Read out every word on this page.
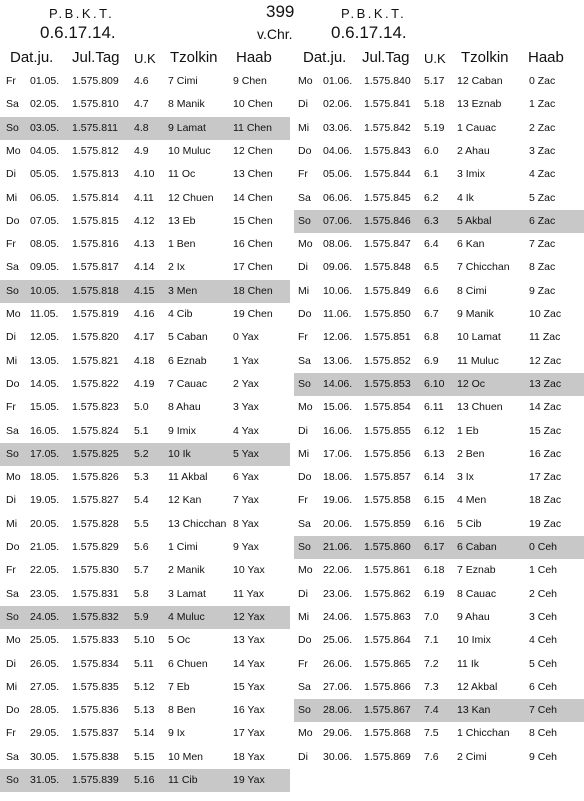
P.B.K.T.
0.6.17.14.
399
v.Chr.
P.B.K.T.
0.6.17.14.
Dat.ju. Jul.Tag U.K Tzolkin Haab Dat.ju. Jul.Tag U.K Tzolkin Haab
Fr 01.05. 1.575.809 4.6 7 Cimi	9 Chen
Sa 02.05. 1.575.810 4.7 8 Manik	10 Chen
So 03.05. 1.575.811 4.8 9 Lamat	11 Chen
Mo 04.05. 1.575.812 4.9 10 Muluc 12 Chen
Di 05.05. 1.575.813 4.10 11 Oc	13 Chen
Mi 06.05. 1.575.814 4.11 12 Chuen 14 Chen
Do 07.05. 1.575.815 4.12 13 Eb	15 Chen
Fr 08.05. 1.575.816 4.13 1 Ben	16 Chen
Sa 09.05. 1.575.817 4.14 2 Ix	17 Chen
So 10.05. 1.575.818 4.15 3 Men	18 Chen
Mo 11.05. 1.575.819 4.16 4 Cib	19 Chen
Di 12.05. 1.575.820 4.17 5 Caban 0 Yax
Mi 13.05. 1.575.821 4.18 6 Eznab	1 Yax
Do 14.05. 1.575.822 4.19 7 Cauac 2 Yax
Fr 15.05. 1.575.823 5.0 8 Ahau	3 Yax
Sa 16.05. 1.575.824 5.1 9 Imix	4 Yax
So 17.05. 1.575.825 5.2 10 Ik	5 Yax
Mo 18.05. 1.575.826 5.3 11 Akbal 6 Yax
Di 19.05. 1.575.827 5.4 12 Kan	7 Yax
Mi 20.05. 1.575.828 5.5 13 Chicchan 8 Yax
Do 21.05. 1.575.829 5.6 1 Cimi	9 Yax
Fr 22.05. 1.575.830 5.7 2 Manik	10 Yax
Sa 23.05. 1.575.831 5.8 3 Lamat	11 Yax
So 24.05. 1.575.832 5.9 4 Muluc	12 Yax
Mo 25.05. 1.575.833 5.10 5 Oc	13 Yax
Di 26.05. 1.575.834 5.11 6 Chuen 14 Yax
Mi 27.05. 1.575.835 5.12 7 Eb	15 Yax
Do 28.05. 1.575.836 5.13 8 Ben	16 Yax
Fr 29.05. 1.575.837 5.14 9 Ix	17 Yax
Sa 30.05. 1.575.838 5.15 10 Men	18 Yax
So 31.05. 1.575.839 5.16 11 Cib	19 Yax
Mo 01.06. 1.575.840 5.17 12 Caban	0 Zac
Di 02.06. 1.575.841 5.18 13 Eznab	1 Zac
Mi 03.06. 1.575.842 5.19 1 Cauac	2 Zac
Do 04.06. 1.575.843 6.0 2 Ahau	3 Zac
Fr 05.06. 1.575.844 6.1 3 Imix	4 Zac
Sa 06.06. 1.575.845 6.2 4 Ik	5 Zac
So 07.06. 1.575.846 6.3 5 Akbal	6 Zac
Mo 08.06. 1.575.847 6.4 6 Kan	7 Zac
Di 09.06. 1.575.848 6.5 7 Chicchan 8 Zac
Mi 10.06. 1.575.849 6.6 8 Cimi	9 Zac
Do 11.06. 1.575.850 6.7 9 Manik	10 Zac
Fr 12.06. 1.575.851 6.8 10 Lamat	11 Zac
Sa 13.06. 1.575.852 6.9 11 Muluc	12 Zac
So 14.06. 1.575.853 6.10 12 Oc	13 Zac
Mo 15.06. 1.575.854 6.11 13 Chuen	14 Zac
Di 16.06. 1.575.855 6.12 1 Eb	15 Zac
Mi 17.06. 1.575.856 6.13 2 Ben	16 Zac
Do 18.06. 1.575.857 6.14 3 Ix	17 Zac
Fr 19.06. 1.575.858 6.15 4 Men	18 Zac
Sa 20.06. 1.575.859 6.16 5 Cib	19 Zac
So 21.06. 1.575.860 6.17 6 Caban	0 Ceh
Mo 22.06. 1.575.861 6.18 7 Eznab	1 Ceh
Di 23.06. 1.575.862 6.19 8 Cauac	2 Ceh
Mi 24.06. 1.575.863 7.0 9 Ahau	3 Ceh
Do 25.06. 1.575.864 7.1 10 Imix	4 Ceh
Fr 26.06. 1.575.865 7.2 11 Ik	5 Ceh
Sa 27.06. 1.575.866 7.3 12 Akbal	6 Ceh
So 28.06. 1.575.867 7.4 13 Kan	7 Ceh
Mo 29.06. 1.575.868 7.5 1 Chicchan 8 Ceh
Di 30.06. 1.575.869 7.6 2 Cimi	9 Ceh
